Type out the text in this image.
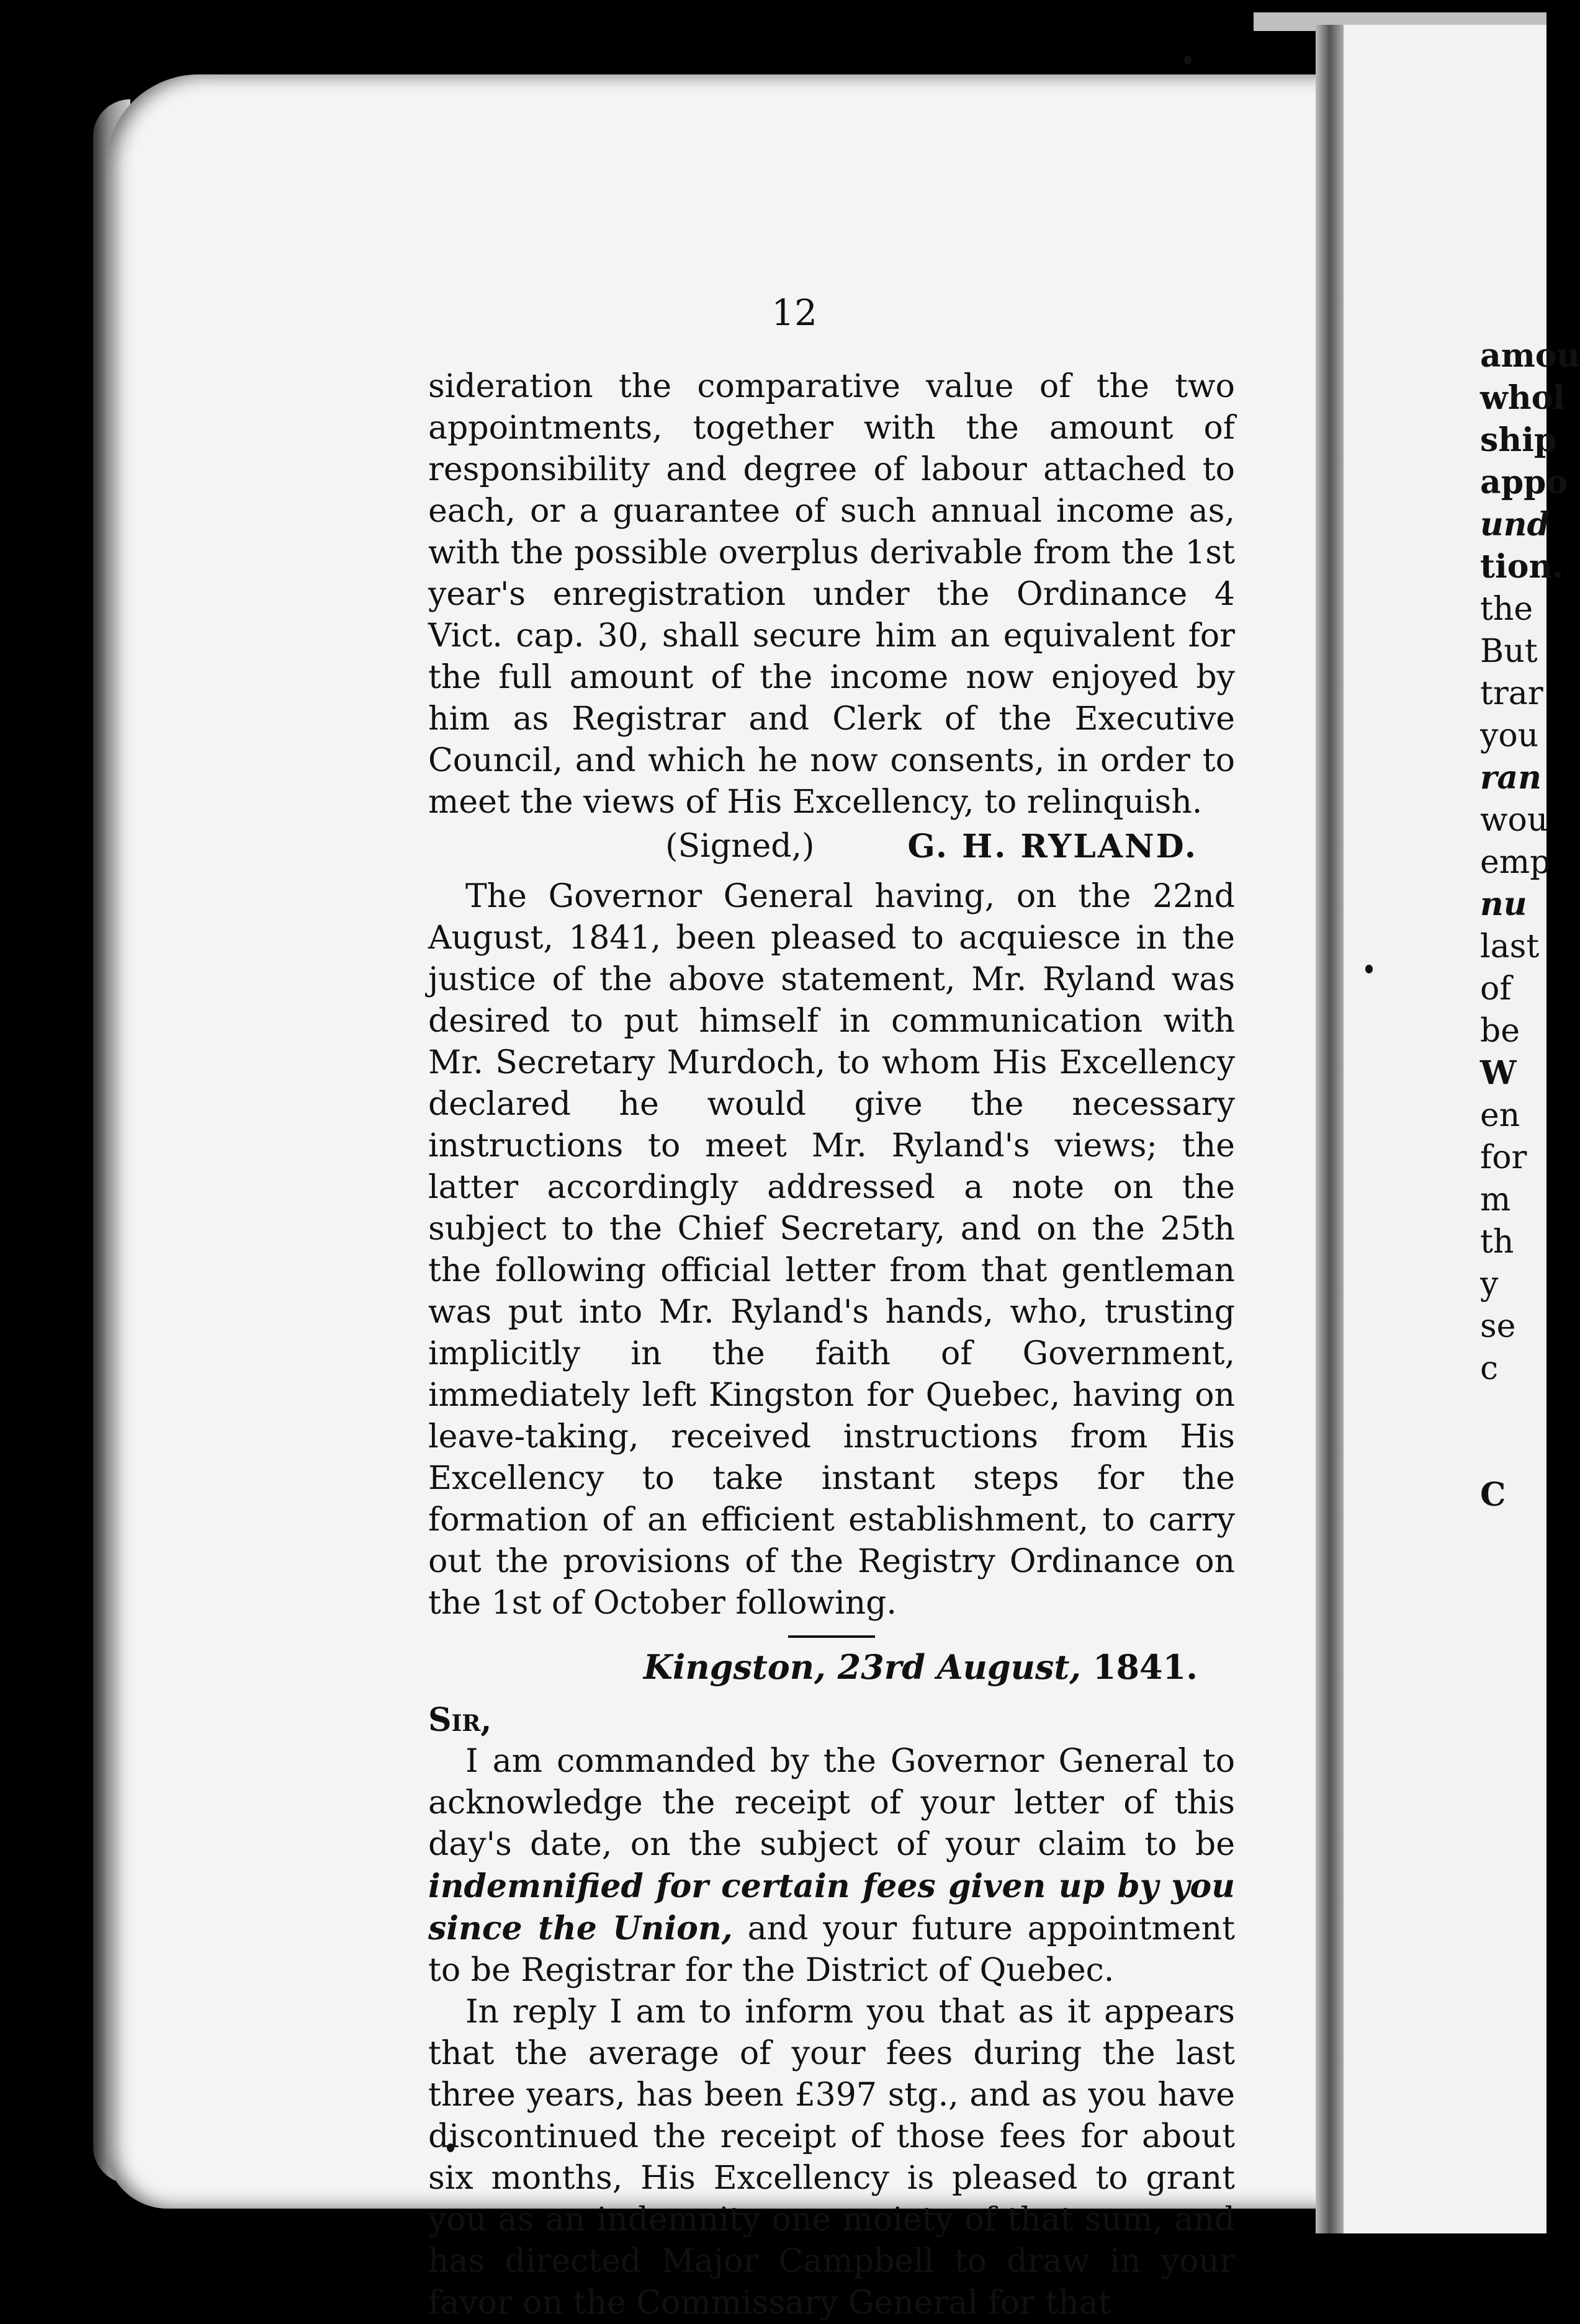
12

sideration the comparative value of the two appointments, together with the amount of responsibility and degree of labour attached to each, or a guarantee of such annual income as, with the possible overplus derivable from the 1st year's enregistration under the Ordinance 4 Vict. cap. 30, shall secure him an equivalent for the full amount of the income now enjoyed by him as Registrar and Clerk of the Executive Council, and which he now consents, in order to meet the views of His Excellency, to relinquish.

(Signed,)	G. H. RYLAND.

The Governor General having, on the 22nd August, 1841, been pleased to acquiesce in the justice of the above statement, Mr. Ryland was desired to put himself in communication with Mr. Secretary Murdoch, to whom His Excellency declared he would give the necessary instructions to meet Mr. Ryland's views; the latter accordingly addressed a note on the subject to the Chief Secretary, and on the 25th the following official letter from that gentleman was put into Mr. Ryland's hands, who, trusting implicitly in the faith of Government, immediately left Kingston for Quebec, having on leave-taking, received instructions from His Excellency to take instant steps for the formation of an efficient establishment, to carry out the provisions of the Registry Ordinance on the 1st of October following.

Kingston, 23rd August, 1841.

Sir,

I am commanded by the Governor General to acknowledge the receipt of your letter of this day's date, on the subject of your claim to be indemnified for certain fees given up by you since the Union, and your future appointment to be Registrar for the District of Quebec.

In reply I am to inform you that as it appears that the average of your fees during the last three years, has been £397 stg., and as you have discontinued the receipt of those fees for about six months, His Excellency is pleased to grant you as an indemnity one moiety of that sum, and has directed Major Campbell to draw in your favor on the Commissary General for that

amou
whol
ship
appo
und
tion.
the
But
trar
you
ran
wou
emp
nu
last
of
be
W
en
for
m
th
y
se
c

C
